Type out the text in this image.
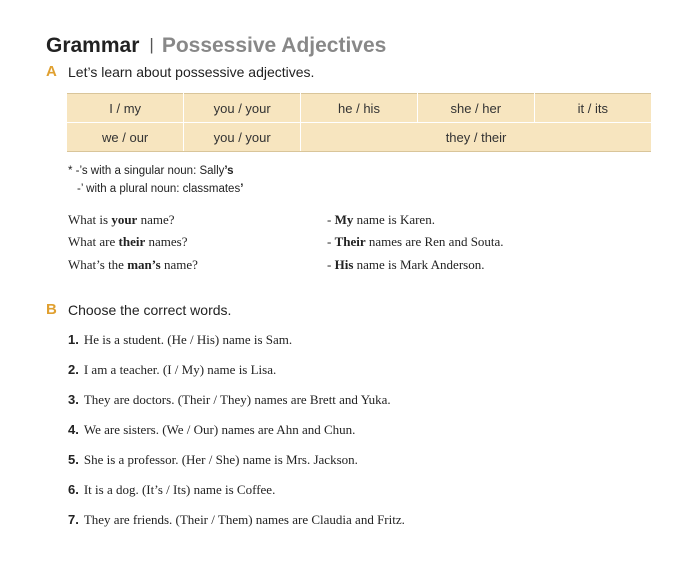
Grammar | Possessive Adjectives
A Let’s learn about possessive adjectives.
I / my	you / your	he / his	she / her	it / its
we / our	you / your	they / their		
* -’s with a singular noun: Sally’s
-’ with a plural noun: classmates’
What is your name?	- My name is Karen.
What are their names?	- Their names are Ren and Souta.
What’s the man’s name?	- His name is Mark Anderson.
B Choose the correct words.
1. He is a student. (He / His) name is Sam.
2. I am a teacher. (I / My) name is Lisa.
3. They are doctors. (Their / They) names are Brett and Yuka.
4. We are sisters. (We / Our) names are Ahn and Chun.
5. She is a professor. (Her / She) name is Mrs. Jackson.
6. It is a dog. (It’s / Its) name is Coffee.
7. They are friends. (Their / Them) names are Claudia and Fritz.
